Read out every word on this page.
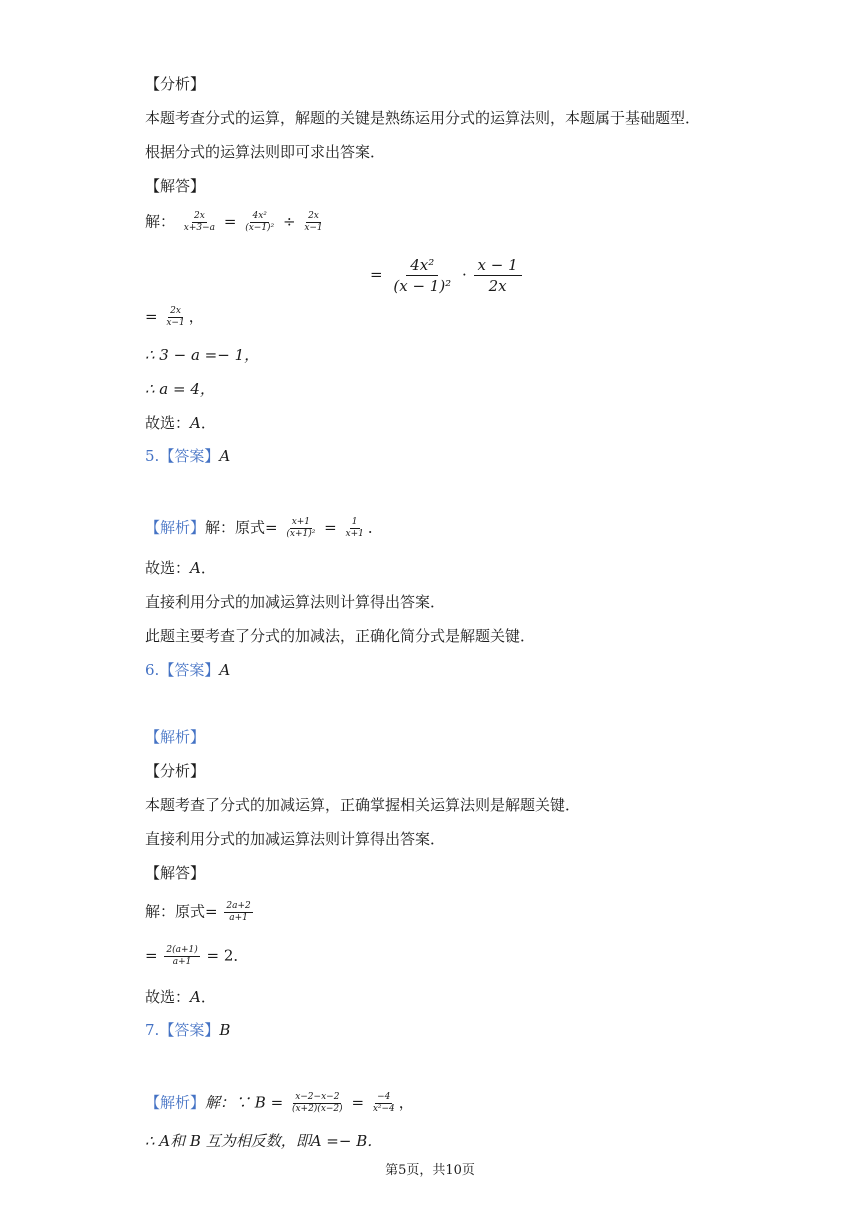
【分析】
本题考查分式的运算，解题的关键是熟练运用分式的运算法则，本题属于基础题型．
根据分式的运算法则即可求出答案．
【解答】
解： $\frac{2x}{x+3-a} = \frac{\text{4x²}}{\text{(x−1)²}} \div \frac{2x}{x-1}$
= $\frac{\text{4x²}}{\text{(x − 1)²}} \cdot \frac{x - 1}{2x}$
= $\frac{2x}{x-1}$ ，
∴ 3 − a =− 1，
∴ a = 4，
故选：A．
5.【答案】A
【解析】解：原式= $\frac{x+1}{\text{(x+1)²}} = \frac{1}{x+1}$ ．
故选：A．
直接利用分式的加减运算法则计算得出答案．
此题主要考查了分式的加减法，正确化简分式是解题关键．
6.【答案】A
【解析】
【分析】
本题考查了分式的加减运算，正确掌握相关运算法则是解题关键．
直接利用分式的加减运算法则计算得出答案．
【解答】
解：原式= $\frac{2a+2}{a+1}$
= $\frac{2(a+1)}{a+1} = 2$．
故选：A．
7.【答案】B
【解析】解：∵ $B = \frac{x-2-x-2}{(x+2)(x-2)} = \frac{-4}{\text{x²−4}}$ ，
∴ A和 B 互为相反数，即A =− B．
第5页，共10页
